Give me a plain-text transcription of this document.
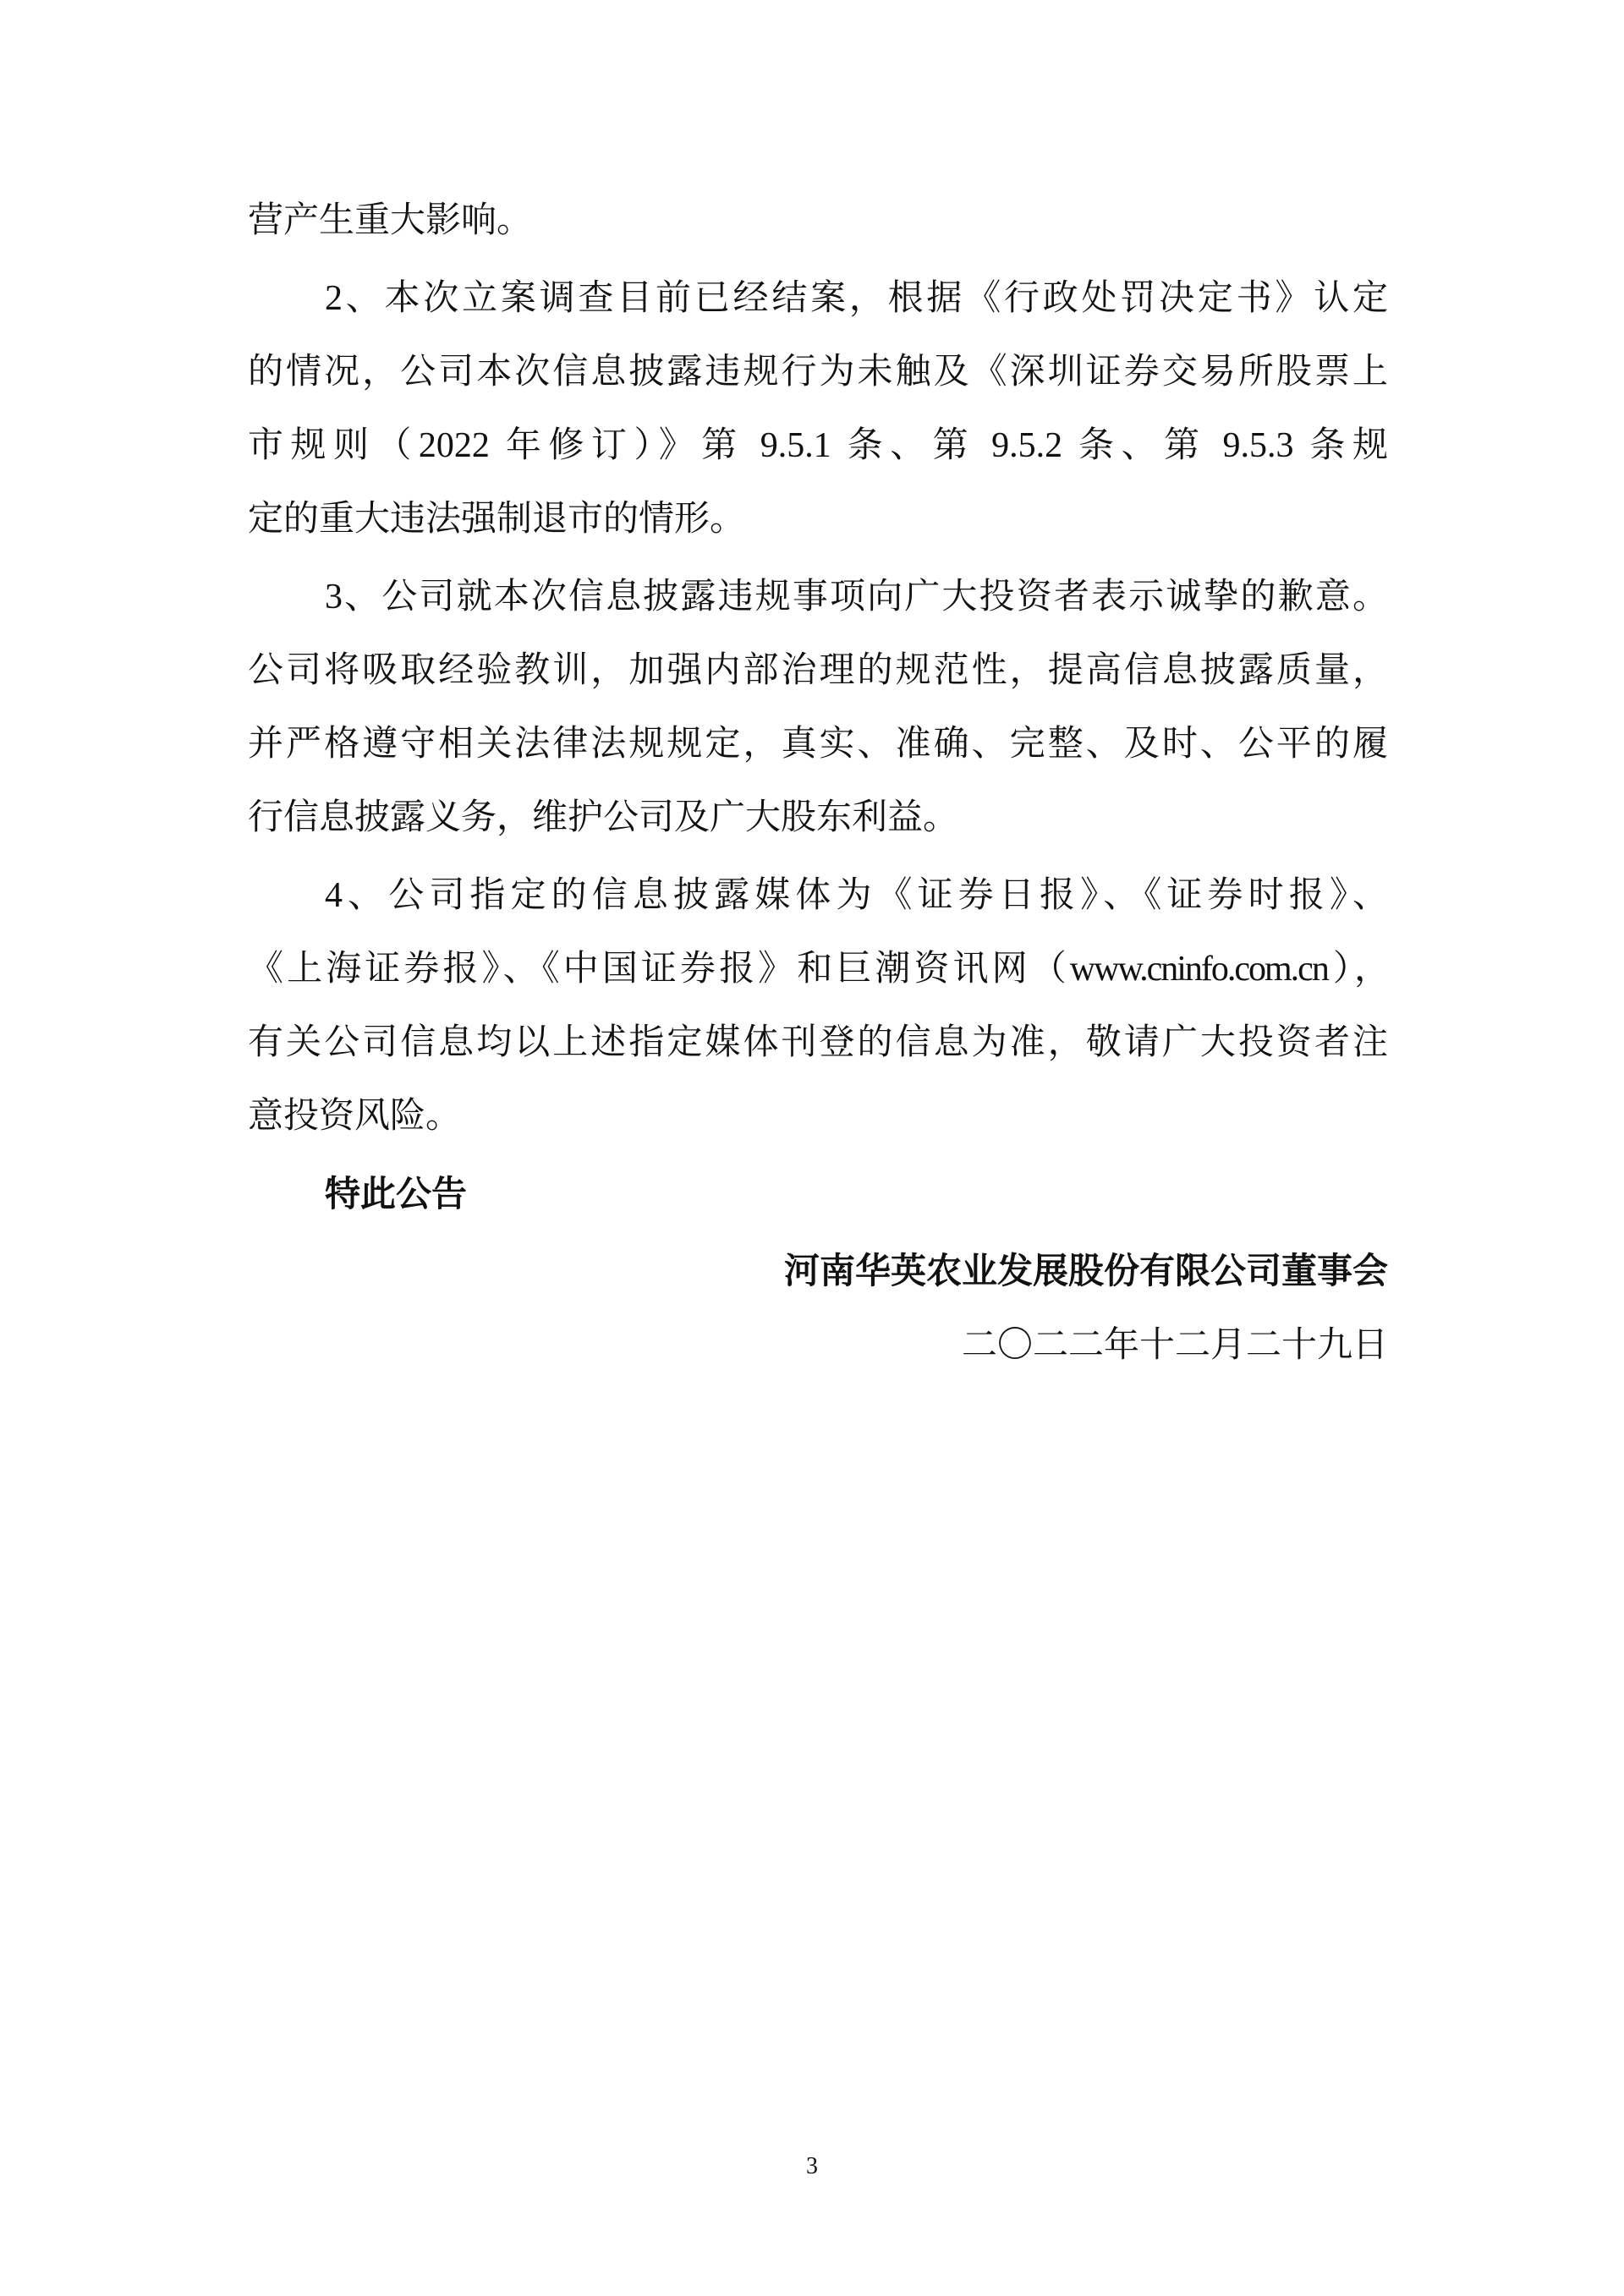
营产生重大影响。
2、本次立案调查目前已经结案，根据《行政处罚决定书》认定
的情况，公司本次信息披露违规行为未触及《深圳证券交易所股票上
市规则（2022 年修订）》第 9.5.1 条、第 9.5.2 条、第 9.5.3 条规
定的重大违法强制退市的情形。
3、公司就本次信息披露违规事项向广大投资者表示诚挚的歉意。
公司将吸取经验教训，加强内部治理的规范性，提高信息披露质量，
并严格遵守相关法律法规规定，真实、准确、完整、及时、公平的履
行信息披露义务，维护公司及广大股东利益。
4、公司指定的信息披露媒体为《证券日报》、《证券时报》、
《上海证券报》、《中国证券报》和巨潮资讯网（www.cninfo.com.cn），
有关公司信息均以上述指定媒体刊登的信息为准，敬请广大投资者注
意投资风险。
特此公告
河南华英农业发展股份有限公司董事会
二〇二二年十二月二十九日
3
